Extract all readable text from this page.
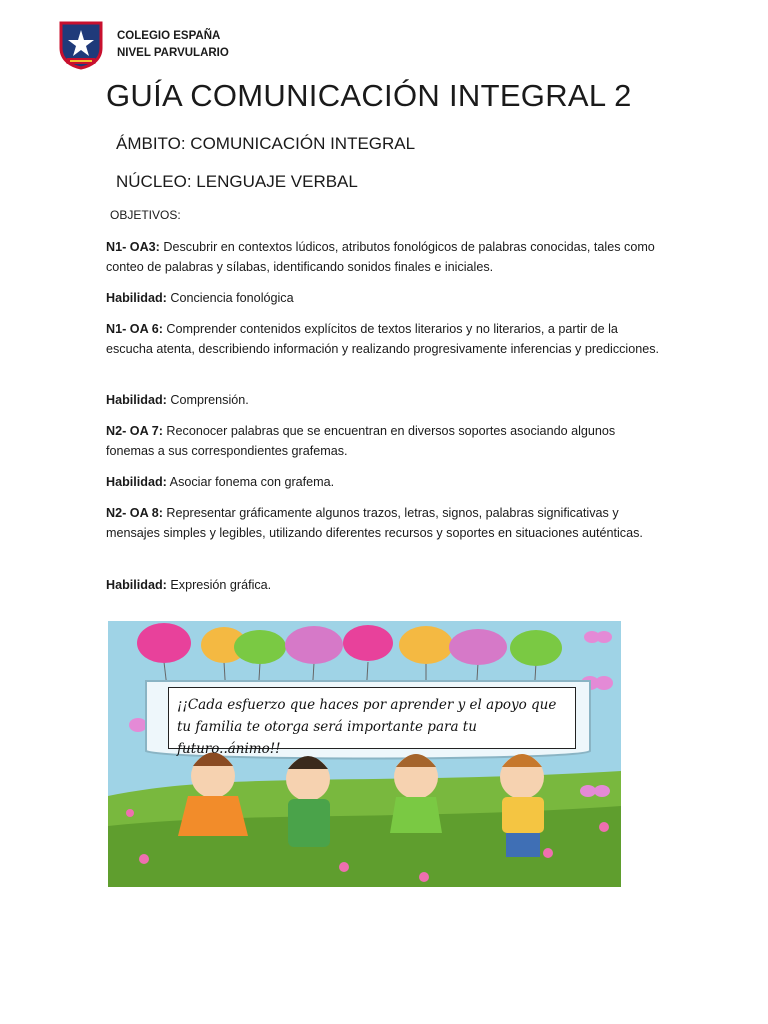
COLEGIO ESPAÑA
NIVEL PARVULARIO
GUÍA COMUNICACIÓN INTEGRAL 2
ÁMBITO: COMUNICACIÓN INTEGRAL
NÚCLEO: LENGUAJE VERBAL
OBJETIVOS:
N1- OA3: Descubrir en contextos lúdicos, atributos fonológicos de palabras conocidas, tales como conteo de palabras y sílabas, identificando sonidos finales e iniciales.
Habilidad: Conciencia fonológica
N1- OA 6: Comprender contenidos explícitos de textos literarios y no literarios, a partir de la escucha atenta, describiendo información y realizando progresivamente inferencias y predicciones.
Habilidad: Comprensión.
N2- OA 7: Reconocer palabras que se encuentran en diversos soportes asociando algunos fonemas a sus correspondientes grafemas.
Habilidad: Asociar fonema con grafema.
N2- OA 8: Representar gráficamente algunos trazos, letras, signos, palabras significativas y mensajes simples y legibles, utilizando diferentes recursos y soportes en situaciones auténticas.
Habilidad: Expresión gráfica.
¡¡Cada esfuerzo que haces por aprender y el apoyo que tu familia te otorga será importante para tu futuro..ánimo!!
